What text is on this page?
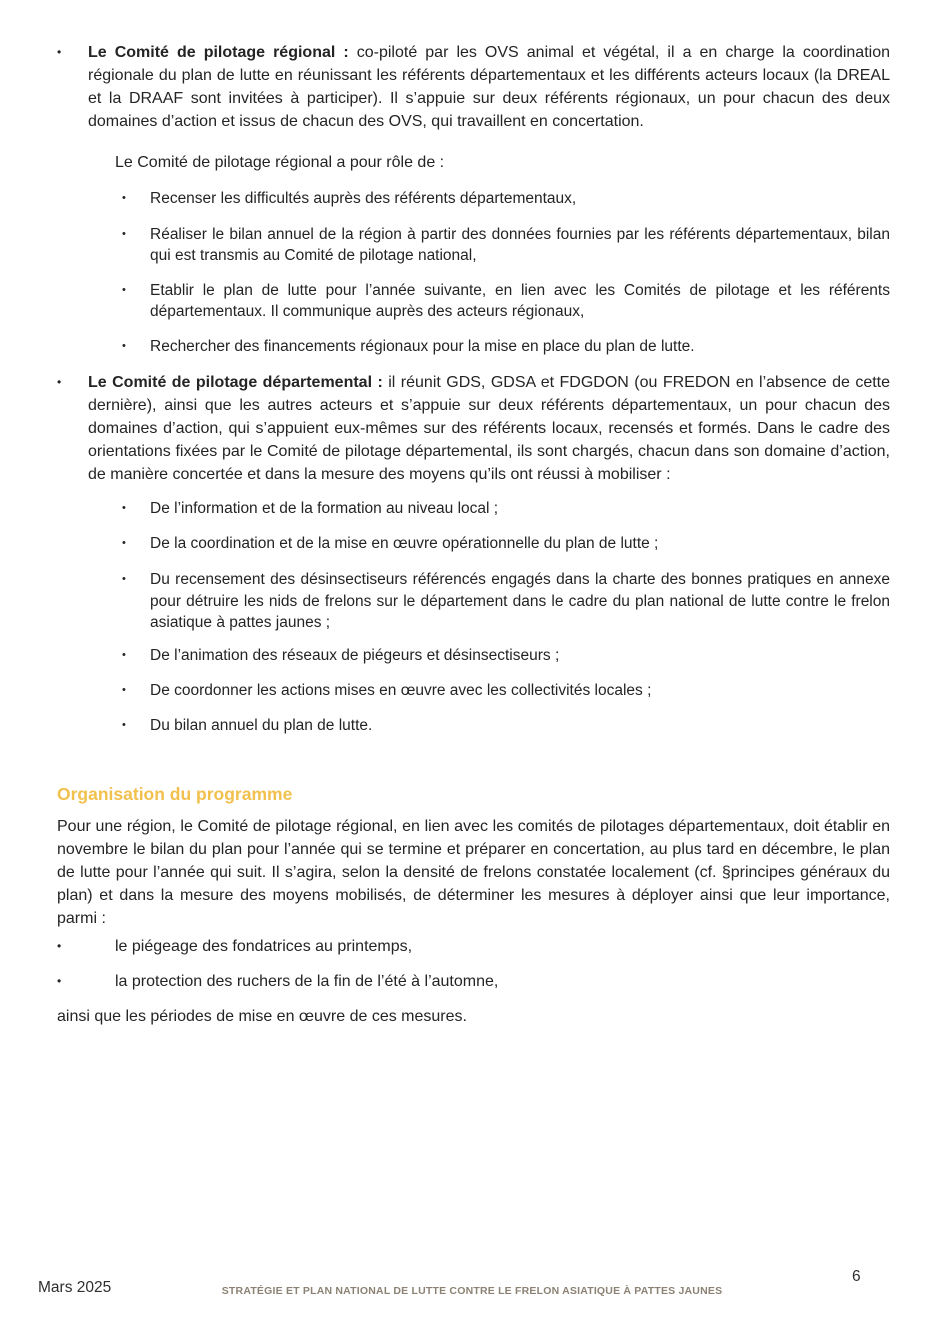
•	Le Comité de pilotage régional : co-piloté par les OVS animal et végétal, il a en charge la coordination régionale du plan de lutte en réunissant les référents départementaux et les différents acteurs locaux (la DREAL et la DRAAF sont invitées à participer). Il s’appuie sur deux référents régionaux, un pour chacun des deux domaines d’action et issus de chacun des OVS, qui travaillent en concertation.
Le Comité de pilotage régional a pour rôle de :
•	Recenser les difficultés auprès des référents départementaux,
•	Réaliser le bilan annuel de la région à partir des données fournies par les référents départementaux, bilan qui est transmis au Comité de pilotage national,
•	Etablir le plan de lutte pour l’année suivante, en lien avec les Comités de pilotage et les référents départementaux. Il communique auprès des acteurs régionaux,
•	Rechercher des financements régionaux pour la mise en place du plan de lutte.
•	Le Comité de pilotage départemental : il réunit GDS, GDSA et FDGDON (ou FREDON en l’absence de cette dernière), ainsi que les autres acteurs et s’appuie sur deux référents départementaux, un pour chacun des domaines d’action, qui s’appuient eux-mêmes sur des référents locaux, recensés et formés. Dans le cadre des orientations fixées par le Comité de pilotage départemental, ils sont chargés, chacun dans son domaine d’action, de manière concertée et dans la mesure des moyens qu’ils ont réussi à mobiliser :
•	De l’information et de la formation au niveau local ;
•	De la coordination et de la mise en œuvre opérationnelle du plan de lutte ;
•	Du recensement des désinsectiseurs référencés engagés dans la charte des bonnes pratiques en annexe pour détruire les nids de frelons sur le département dans le cadre du plan national de lutte contre le frelon asiatique à pattes jaunes ;
•	De l’animation des réseaux de piégeurs et désinsectiseurs ;
•	De coordonner les actions mises en œuvre avec les collectivités locales ;
•	Du bilan annuel du plan de lutte.
Organisation du programme
Pour une région, le Comité de pilotage régional, en lien avec les comités de pilotages départementaux, doit établir en novembre le bilan du plan pour l’année qui se termine et préparer en concertation, au plus tard en décembre, le plan de lutte pour l’année qui suit. Il s’agira, selon la densité de frelons constatée localement (cf. §principes généraux du plan) et dans la mesure des moyens mobilisés, de déterminer les mesures à déployer ainsi que leur importance, parmi :
•	le piégeage des fondatrices au printemps,
•	la protection des ruchers de la fin de l’été à l’automne,
ainsi que les périodes de mise en œuvre de ces mesures.
Mars 2025	STRATÉGIE ET PLAN NATIONAL DE LUTTE CONTRE LE FRELON ASIATIQUE À PATTES JAUNES
6
